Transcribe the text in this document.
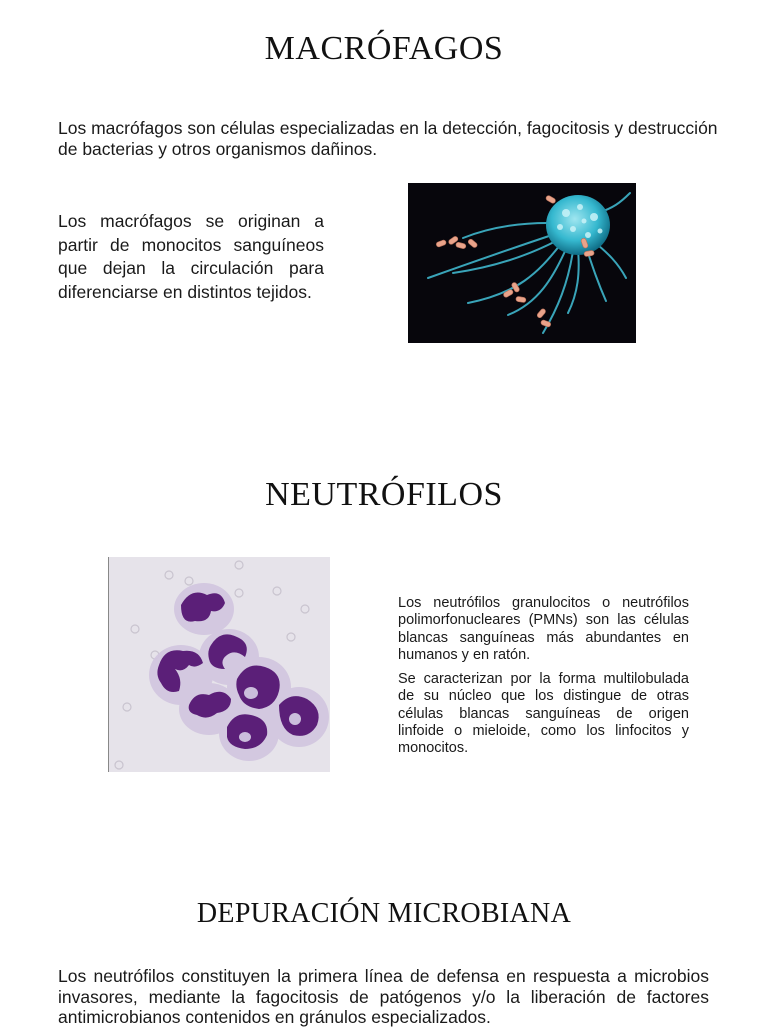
MACRÓFAGOS

Los macrófagos son células especializadas en la detección, fagocitosis y destrucción de bacterias y otros organismos dañinos.

Los macrófagos se originan a partir de monocitos sanguíneos que dejan la circulación para diferenciarse en distintos tejidos.

NEUTRÓFILOS

Los neutrófilos granulocitos o neutrófilos polimorfonucleares (PMNs) son las células blancas sanguíneas más abundantes en humanos y en ratón.

Se caracterizan por la forma multilobulada de su núcleo que los distingue de otras células blancas sanguíneas de origen linfoide o mieloide, como los linfocitos y monocitos.

DEPURACIÓN MICROBIANA

Los neutrófilos constituyen la primera línea de defensa en respuesta a microbios invasores, mediante la fagocitosis de patógenos y/o la liberación de factores antimicrobianos contenidos en gránulos especializados.
